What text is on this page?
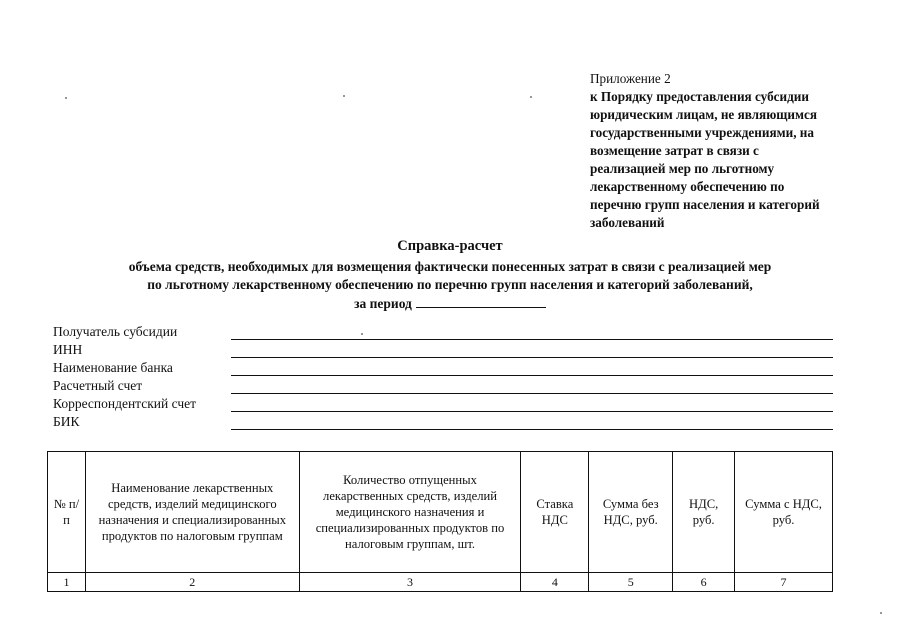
Приложение 2
к Порядку предоставления субсидии
юридическим лицам, не являющимся
государственными учреждениями, на
возмещение затрат в связи с
реализацией мер по льготному
лекарственному обеспечению по
перечню групп населения и категорий
заболеваний
Справка-расчет
объема средств, необходимых для возмещения фактически понесенных затрат в связи с реализацией мер
по льготному лекарственному обеспечению по перечню групп населения и категорий заболеваний,
за период
Получатель субсидии
ИНН
Наименование банка
Расчетный счет
Корреспондентский счет
БИК
№ п/п	Наименование лекарственных средств, изделий медицинского назначения и специализированных продуктов по налоговым группам	Количество отпущенных лекарственных средств, изделий медицинского назначения и специализированных продуктов по налоговым группам, шт.	Ставка НДС	Сумма без НДС, руб.	НДС, руб.	Сумма с НДС, руб.
1	2	3	4	5	6	7
